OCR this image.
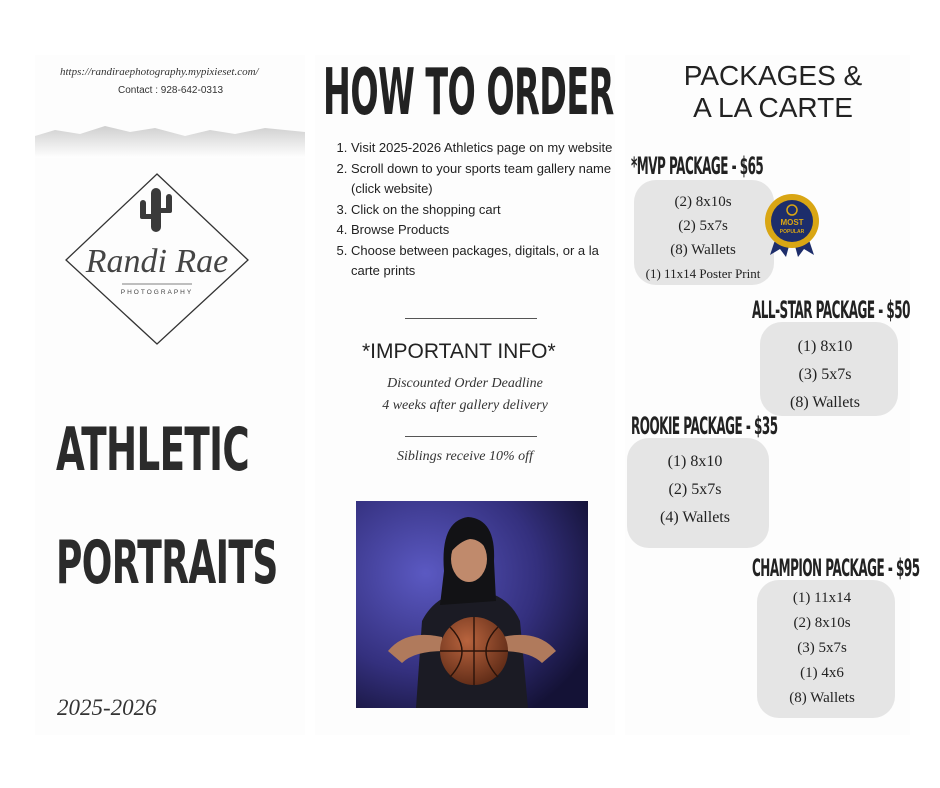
https://randiraephotography.mypixieset.com/
Contact : 928-642-0313
Randi Rae
PHOTOGRAPHY
ATHLETIC
PORTRAITS
2025-2026
HOW TO ORDER
1. Visit 2025-2026 Athletics page on my website
2. Scroll down to your sports team gallery name (click website)
3. Click on the shopping cart
4. Browse Products
5. Choose between packages, digitals, or a la carte prints
*IMPORTANT INFO*
Discounted Order Deadline
4 weeks after gallery delivery
Siblings receive 10% off
PACKAGES &
A LA CARTE
*MVP PACKAGE - $65
(2) 8x10s
(2) 5x7s
(8) Wallets
(1) 11x14 Poster Print
MOST
POPULAR
ALL-STAR PACKAGE - $50
(1) 8x10
(3) 5x7s
(8) Wallets
ROOKIE PACKAGE - $35
(1) 8x10
(2) 5x7s
(4) Wallets
CHAMPION PACKAGE - $95
(1) 11x14
(2) 8x10s
(3) 5x7s
(1) 4x6
(8) Wallets
